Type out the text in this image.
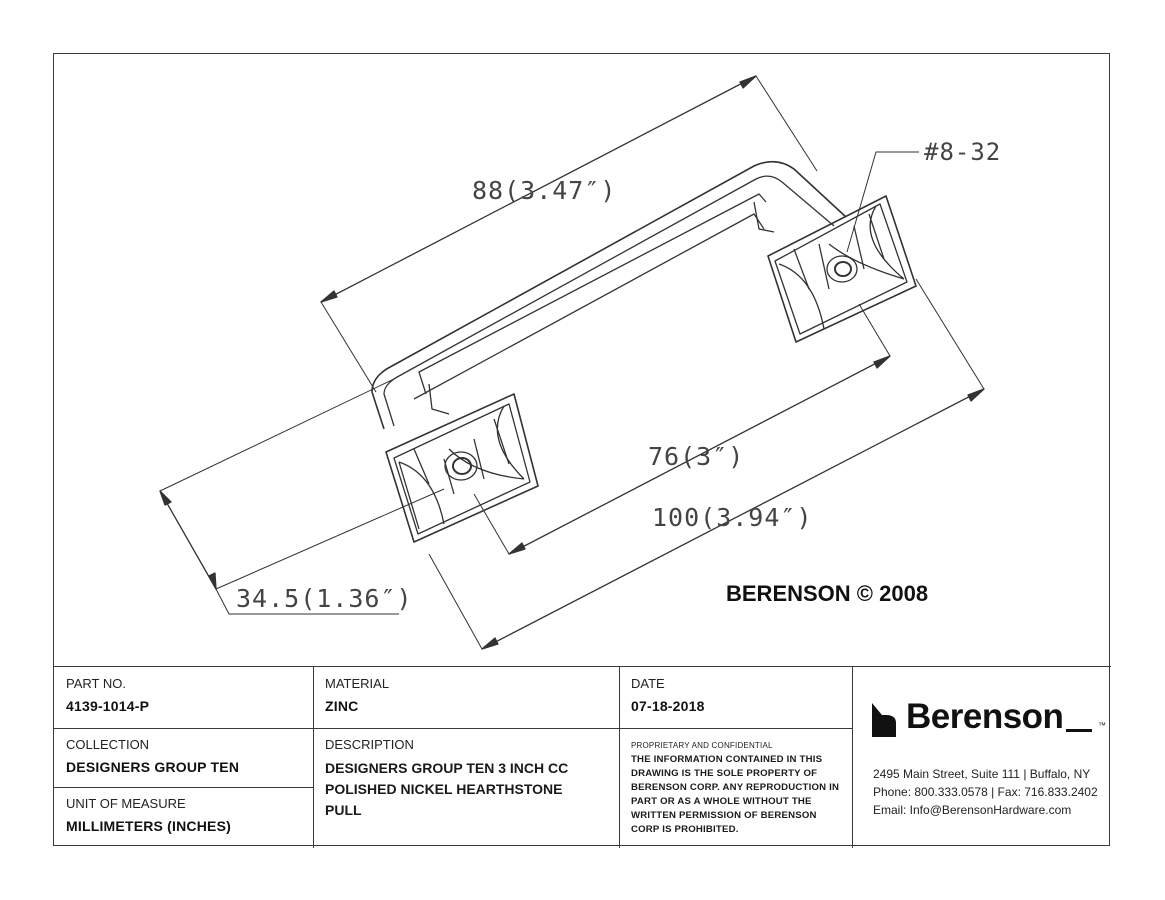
88(3.47″)
#8-32
76(3″)
100(3.94″)
34.5(1.36″)	BERENSON © 2008
PART NO.
4139-1014-P
MATERIAL
ZINC
DATE
07-18-2018
COLLECTION
DESIGNERS GROUP TEN
UNIT OF MEASURE
MILLIMETERS (INCHES)
DESCRIPTION
DESIGNERS GROUP TEN 3 INCH CC POLISHED NICKEL HEARTHSTONE PULL
PROPRIETARY AND CONFIDENTIAL
THE INFORMATION CONTAINED IN THIS DRAWING IS THE SOLE PROPERTY OF BERENSON CORP. ANY REPRODUCTION IN PART OR AS A WHOLE WITHOUT THE WRITTEN PERMISSION OF BERENSON CORP IS PROHIBITED.
Berenson	™
2495 Main Street, Suite 111 | Buffalo, NY
Phone: 800.333.0578 | Fax: 716.833.2402
Email: Info@BerensonHardware.com
